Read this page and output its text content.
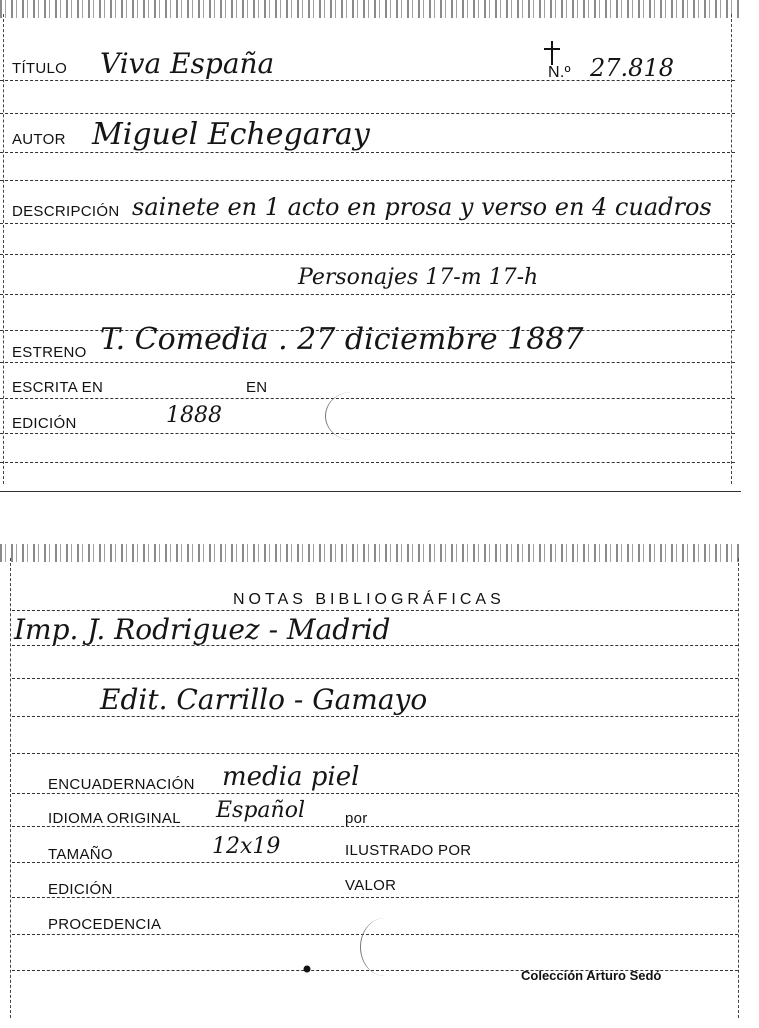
TÍTULO Viva España	N.º 27.818
AUTOR Miguel Echegaray
DESCRIPCIÓN sainete en 1 acto en prosa y verso en 4 cuadros
Personajes 17-m 17-h
ESTRENO T. Comedia . 27 diciembre 1887
ESCRITA EN	EN
EDICIÓN	1888
NOTAS BIBLIOGRÁFICAS
Imp. J. Rodriguez - Madrid
Edit. Carrillo - Gamayo
ENCUADERNACIÓN media piel
IDIOMA ORIGINAL Español	por
TAMAÑO	12x19	ILUSTRADO POR
EDICIÓN	VALOR
PROCEDENCIA
Colección Arturo Sedó
